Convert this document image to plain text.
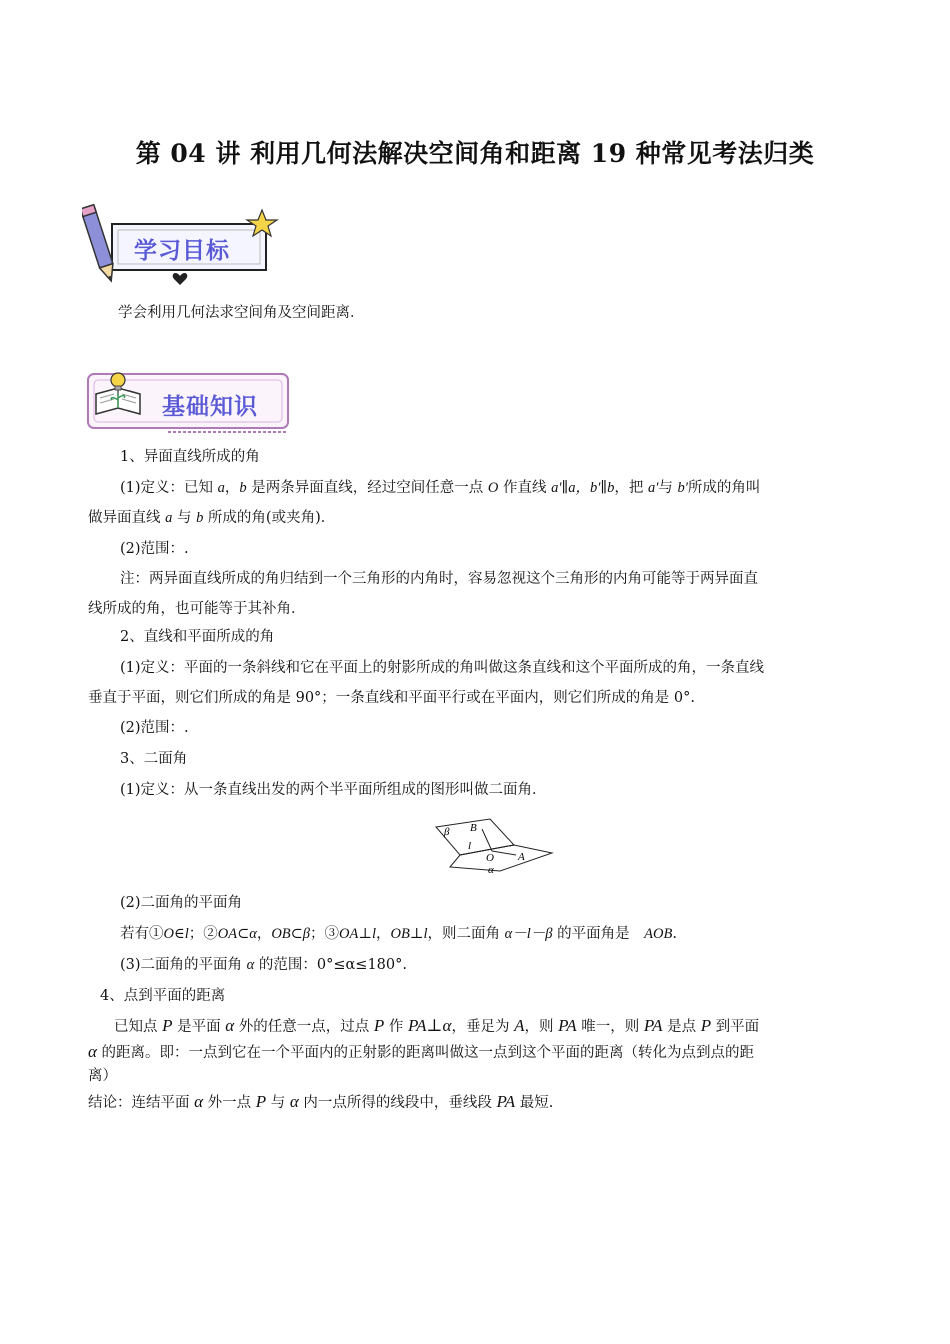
第 04 讲 利用几何法解决空间角和距离 19 种常见考法归类
学习目标
学会利用几何法求空间角及空间距离．
基础知识
1、异面直线所成的角
(1)定义：已知 a，b 是两条异面直线，经过空间任意一点 O 作直线 a′∥a，b′∥b，把 a′与 b′所成的角叫
做异面直线 a 与 b 所成的角(或夹角)．
(2)范围：.
注：两异面直线所成的角归结到一个三角形的内角时，容易忽视这个三角形的内角可能等于两异面直
线所成的角，也可能等于其补角．
2、直线和平面所成的角
(1)定义：平面的一条斜线和它在平面上的射影所成的角叫做这条直线和这个平面所成的角，一条直线
垂直于平面，则它们所成的角是 90°；一条直线和平面平行或在平面内，则它们所成的角是 0°.
(2)范围：.
3、二面角
(1)定义：从一条直线出发的两个半平面所组成的图形叫做二面角．
β B
l
O A
α
(2)二面角的平面角
若有①O∈l；②OA⊂α，OB⊂β；③OA⊥l，OB⊥l，则二面角 α－l－β 的平面角是　AOB.
(3)二面角的平面角 α 的范围：0°≤α≤180°.
4、点到平面的距离
已知点 P 是平面 α 外的任意一点，过点 P 作 PA⊥α，垂足为 A，则 PA 唯一，则 PA 是点 P 到平面
α 的距离。即：一点到它在一个平面内的正射影的距离叫做这一点到这个平面的距离（转化为点到点的距
离）
结论：连结平面 α 外一点 P 与 α 内一点所得的线段中，垂线段 PA 最短.
